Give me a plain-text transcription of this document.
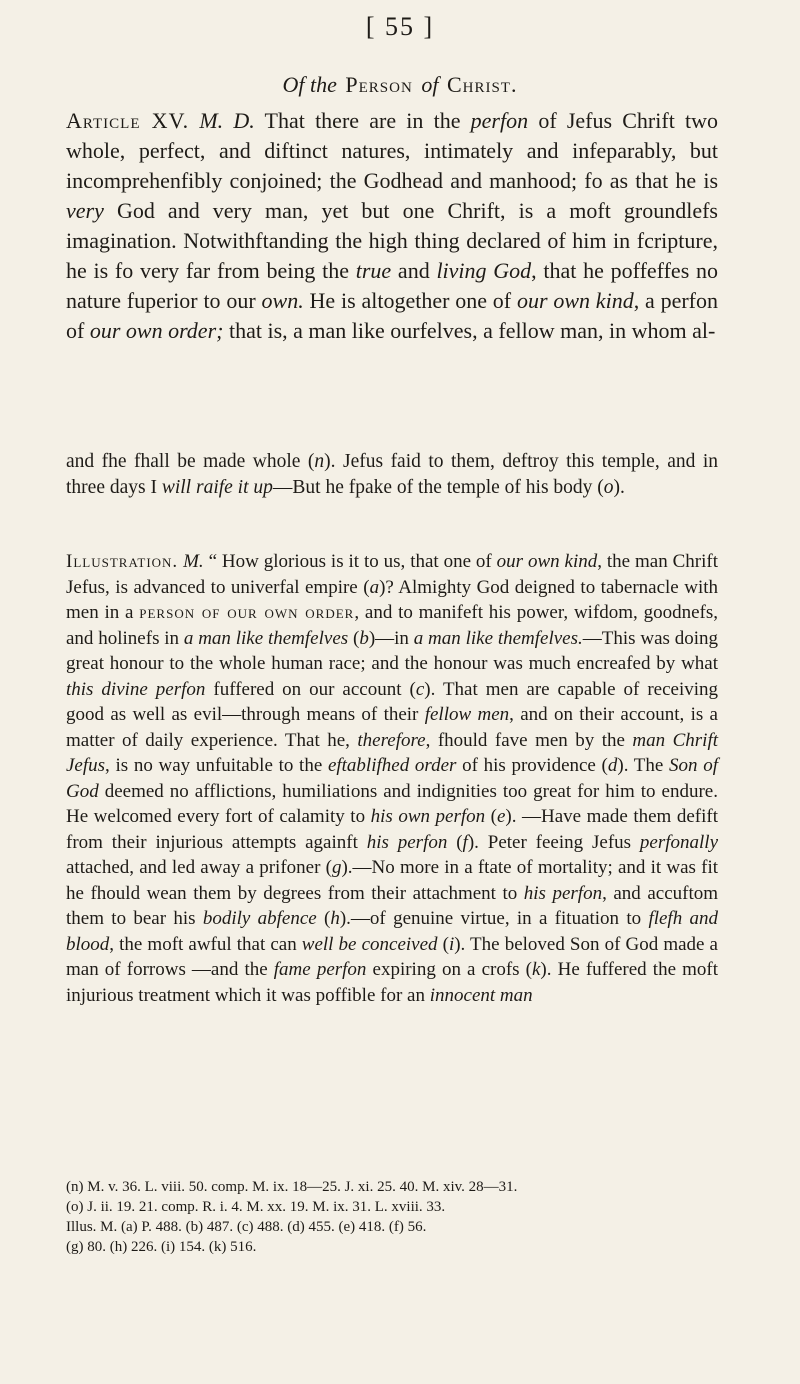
[ 55 ]
Of the Person of Christ.

Article XV. M. D. That there are in the perfon of Jefus Chrift two whole, perfect, and diftinct natures, intimately and infeparably, but incomprehenfibly conjoined; the Godhead and manhood; fo as that he is very God and very man, yet but one Chrift, is a moft groundlefs imagination. Notwithftanding the high thing declared of him in fcripture, he is fo very far from being the true and living God, that he poffeffes no nature fuperior to our own. He is altogether one of our own kind, a perfon of our own order; that is, a man like ourfelves, a fellow man, in whom al-

and fhe fhall be made whole (n). Jefus faid to them, deftroy this temple, and in three days I will raife it up—But he fpake of the temple of his body (o).

Illustration. M. “ How glorious is it to us, that one of our own kind, the man Chrift Jefus, is advanced to univerfal empire (a)? Almighty God deigned to tabernacle with men in a person of our own order, and to manifeft his power, wifdom, goodnefs, and holinefs in a man like themfelves (b)—in a man like themfelves.—This was doing great honour to the whole human race; and the honour was much encreafed by what this divine perfon fuffered on our account (c). That men are capable of receiving good as well as evil—through means of their fellow men, and on their account, is a matter of daily experience. That he, therefore, fhould fave men by the man Chrift Jefus, is no way unfuitable to the eftablifhed order of his providence (d). The Son of God deemed no afflictions, humiliations and indignities too great for him to endure. He welcomed every fort of calamity to his own perfon (e). —Have made them defift from their injurious attempts againft his perfon (f). Peter feeing Jefus perfonally attached, and led away a prifoner (g).—No more in a ftate of mortality; and it was fit he fhould wean them by degrees from their attachment to his perfon, and accuftom them to bear his bodily abfence (h).—of genuine virtue, in a fituation to flefh and blood, the moft awful that can well be conceived (i). The beloved Son of God made a man of forrows —and the fame perfon expiring on a crofs (k). He fuffered the moft injurious treatment which it was poffible for an innocent man

(n) M. v. 36. L. viii. 50. comp. M. ix. 18—25. J. xi. 25. 40. M. xiv. 28—31.
(o) J. ii. 19. 21. comp. R. i. 4. M. xx. 19. M. ix. 31. L. xviii. 33.
Illus. M. (a) P. 488. (b) 487. (c) 488. (d) 455. (e) 418. (f) 56.
(g) 80. (h) 226. (i) 154. (k) 516.
